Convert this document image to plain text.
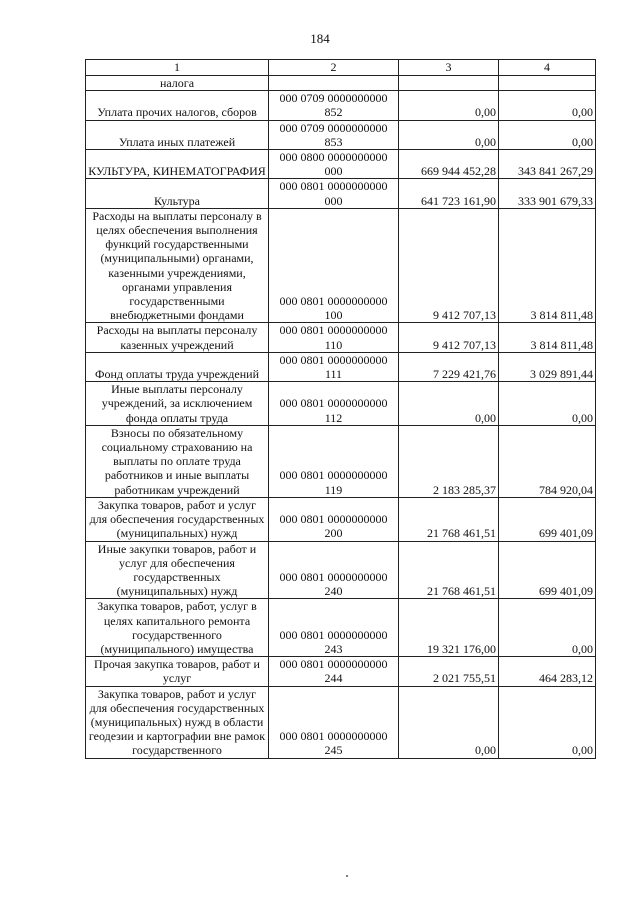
184
1	2	3	4
налога			
Уплата прочих налогов, сборов	000 0709 0000000000 852	0,00	0,00
Уплата иных платежей	000 0709 0000000000 853	0,00	0,00
КУЛЬТУРА, КИНЕМАТОГРАФИЯ	000 0800 0000000000 000	669 944 452,28	343 841 267,29
Культура	000 0801 0000000000 000	641 723 161,90	333 901 679,33
Расходы на выплаты персоналу в целях обеспечения выполнения функций государственными (муниципальными) органами, казенными учреждениями, органами управления государственными внебюджетными фондами	000 0801 0000000000 100	9 412 707,13	3 814 811,48
Расходы на выплаты персоналу казенных учреждений	000 0801 0000000000 110	9 412 707,13	3 814 811,48
Фонд оплаты труда учреждений	000 0801 0000000000 111	7 229 421,76	3 029 891,44
Иные выплаты персоналу учреждений, за исключением фонда оплаты труда	000 0801 0000000000 112	0,00	0,00
Взносы по обязательному социальному страхованию на выплаты по оплате труда работников и иные выплаты работникам учреждений	000 0801 0000000000 119	2 183 285,37	784 920,04
Закупка товаров, работ и услуг для обеспечения государственных (муниципальных) нужд	000 0801 0000000000 200	21 768 461,51	699 401,09
Иные закупки товаров, работ и услуг для обеспечения государственных (муниципальных) нужд	000 0801 0000000000 240	21 768 461,51	699 401,09
Закупка товаров, работ, услуг в целях капитального ремонта государственного (муниципального) имущества	000 0801 0000000000 243	19 321 176,00	0,00
Прочая закупка товаров, работ и услуг	000 0801 0000000000 244	2 021 755,51	464 283,12
Закупка товаров, работ и услуг для обеспечения государственных (муниципальных) нужд в области геодезии и картографии вне рамок государственного	000 0801 0000000000 245	0,00	0,00
